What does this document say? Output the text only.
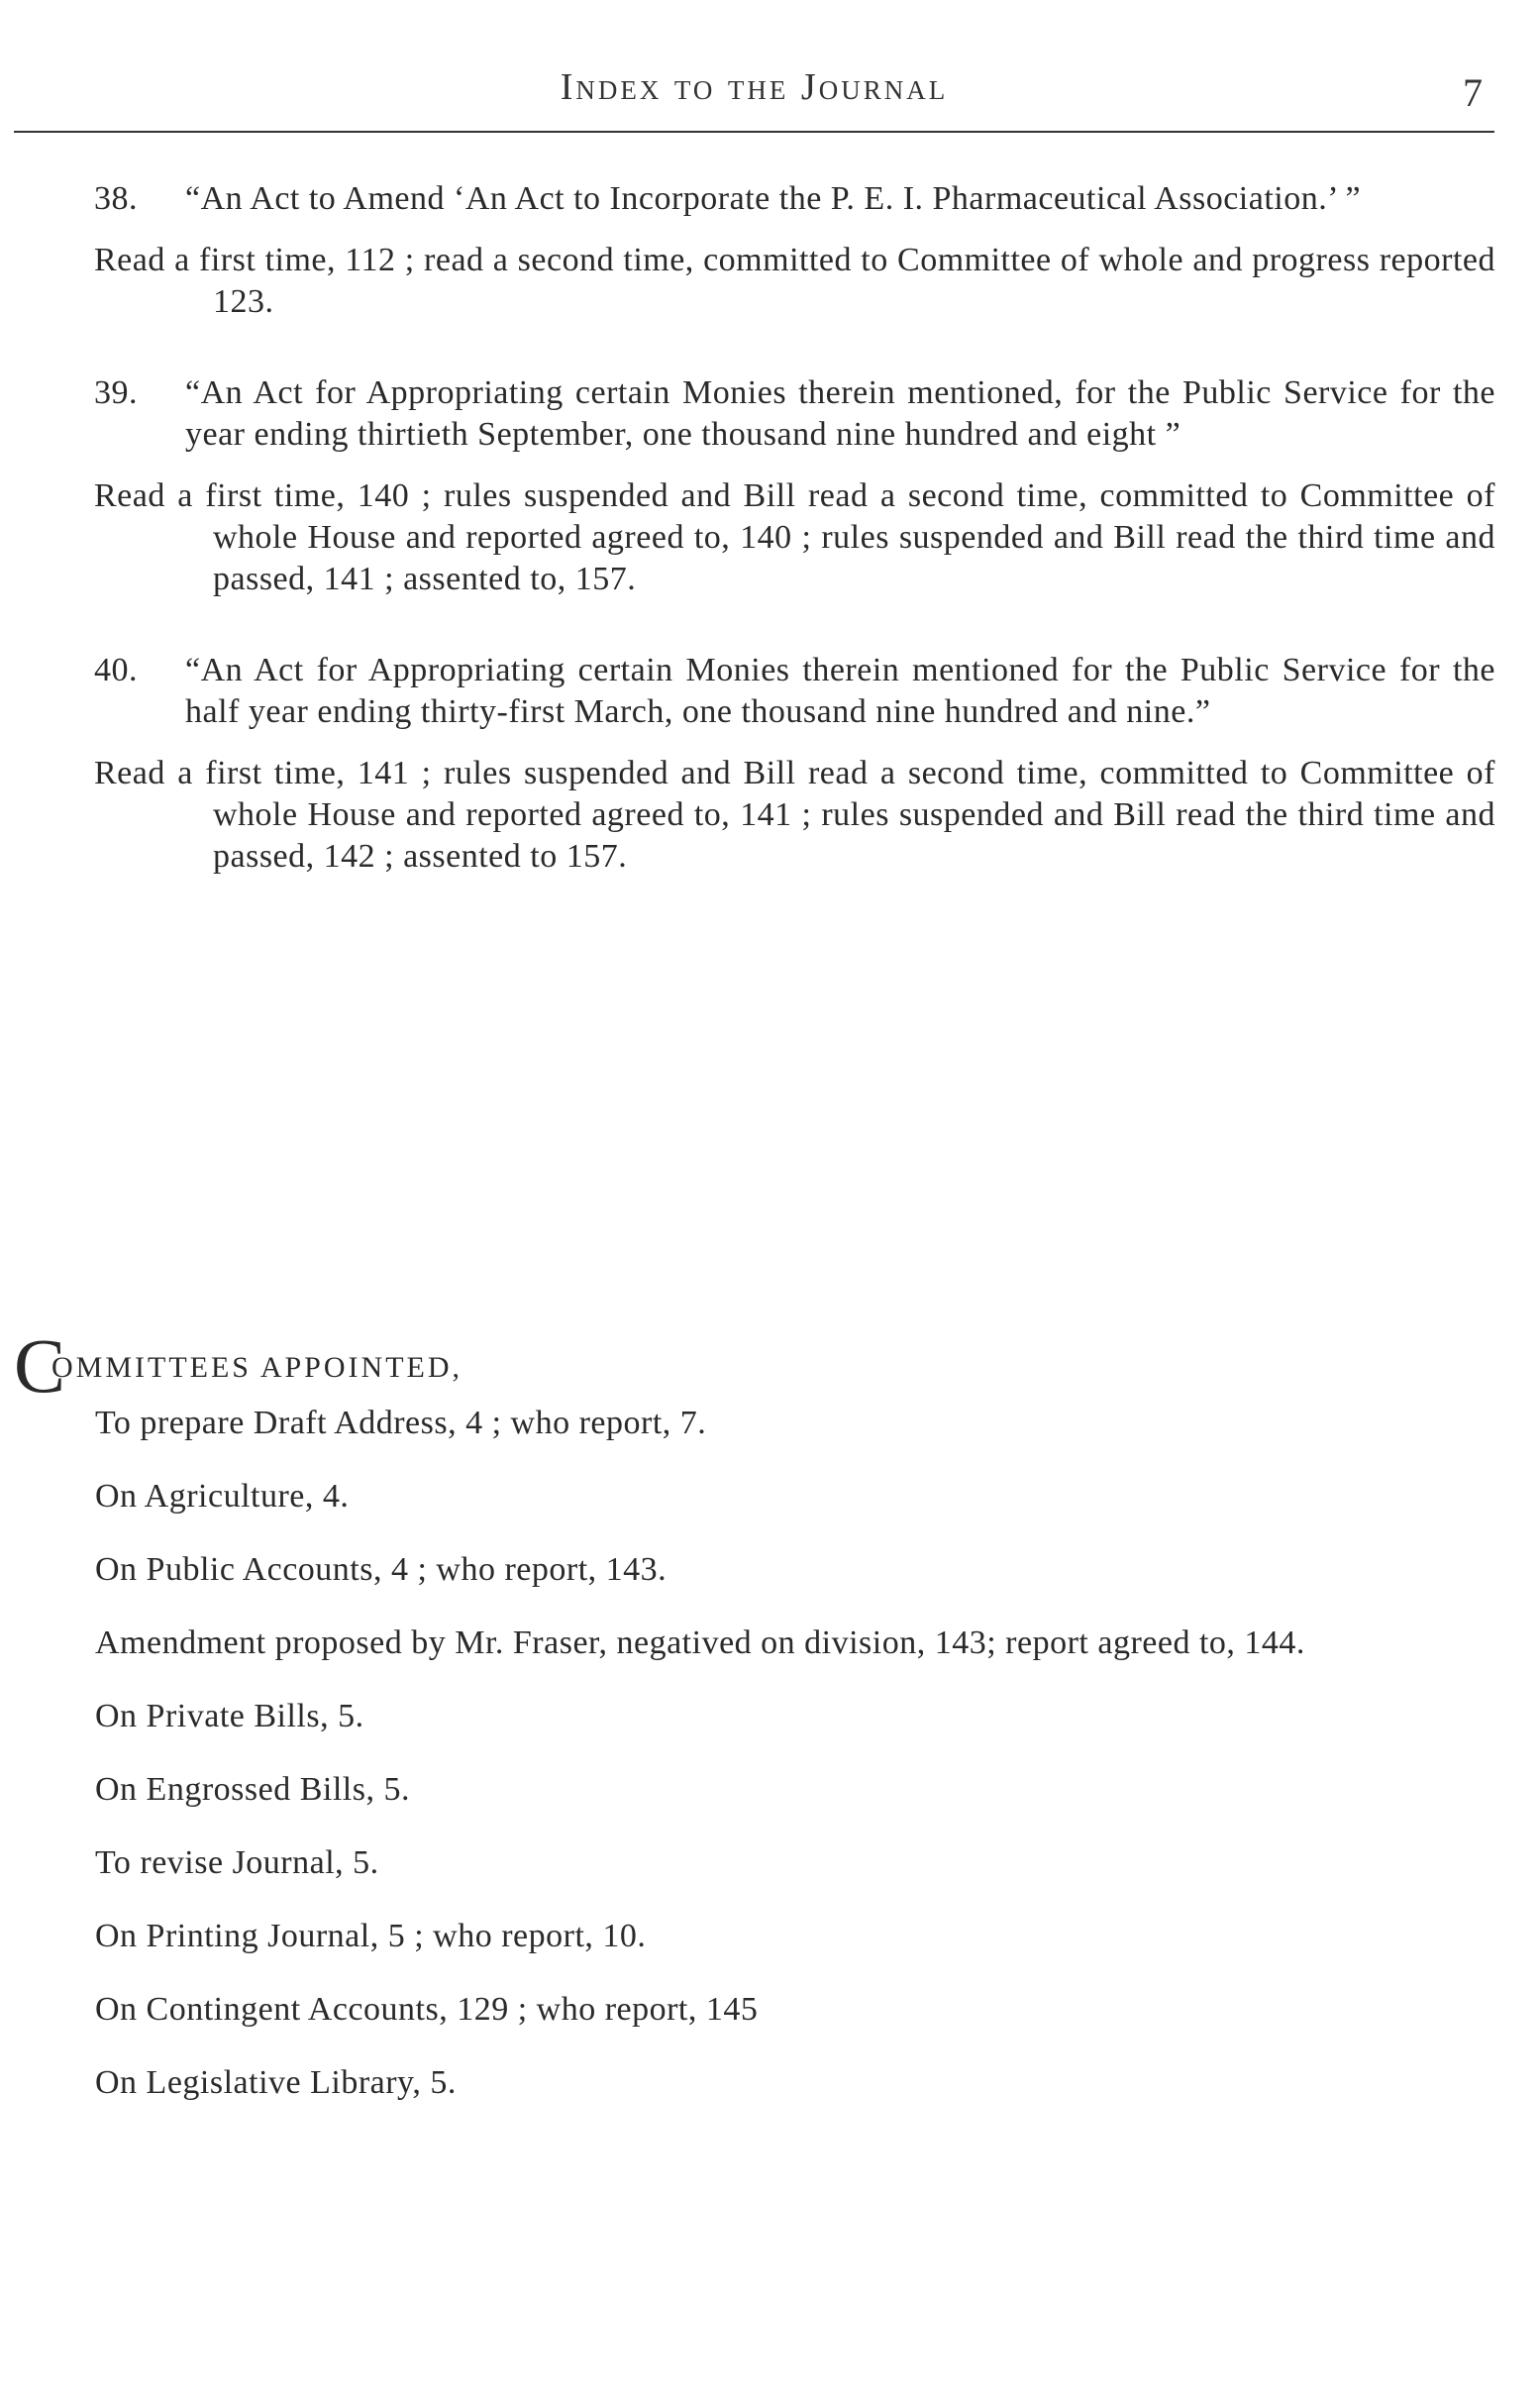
Index to the Journal	7
38. “An Act to Amend ‘An Act to Incorporate the P. E. I. Pharmaceutical Association.’ ”
Read a first time, 112 ; read a second time, committed to Committee of whole and progress reported 123.
39. “An Act for Appropriating certain Monies therein mentioned, for the Public Service for the year ending thirtieth September, one thousand nine hundred and eight ”
Read a first time, 140 ; rules suspended and Bill read a second time, committed to Committee of whole House and reported agreed to, 140 ; rules suspended and Bill read the third time and passed, 141 ; assented to, 157.
40. “An Act for Appropriating certain Monies therein mentioned for the Public Service for the half year ending thirty-first March, one thousand nine hundred and nine.”
Read a first time, 141 ; rules suspended and Bill read a second time, committed to Committee of whole House and reported agreed to, 141 ; rules suspended and Bill read the third time and passed, 142 ; assented to 157.
C
OMMITTEES APPOINTED,
To prepare Draft Address, 4 ; who report, 7.
On Agriculture, 4.
On Public Accounts, 4 ; who report, 143.
Amendment proposed by Mr. Fraser, negatived on division, 143; report agreed to, 144.
On Private Bills, 5.
On Engrossed Bills, 5.
To revise Journal, 5.
On Printing Journal, 5 ; who report, 10.
On Contingent Accounts, 129 ; who report, 145
On Legislative Library, 5.
